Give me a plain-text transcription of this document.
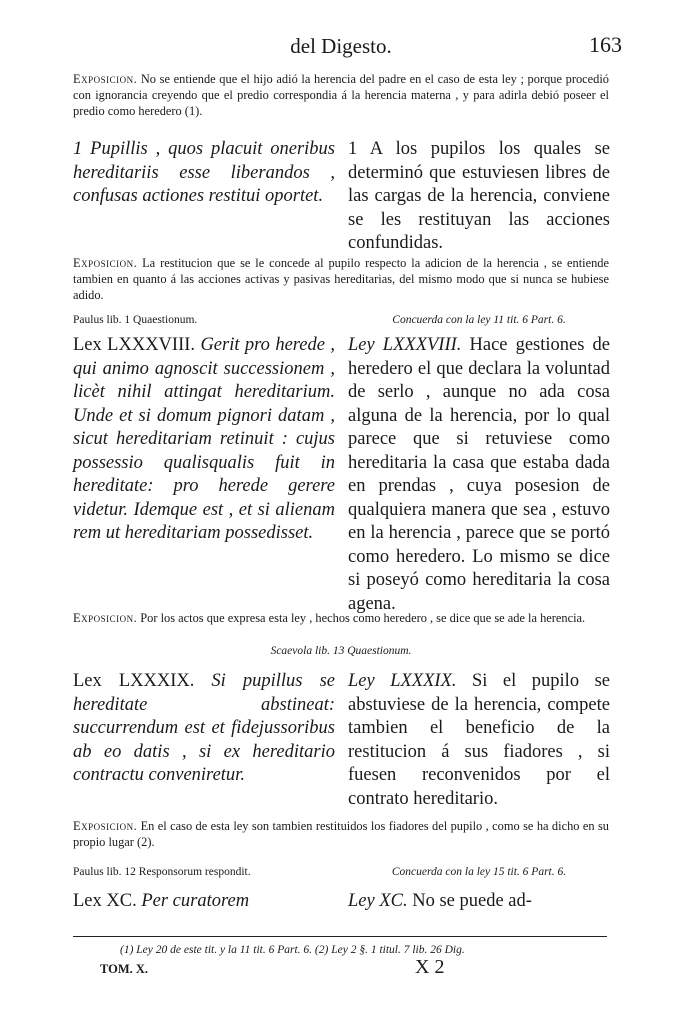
del Digesto.	163
Exposicion. No se entiende que el hijo adió la herencia del padre en el caso de esta ley ; porque procedió con ignorancia creyendo que el predio correspondia á la herencia materna , y para adirla debió poseer el predio como heredero (1).
1 Pupillis , quos placuit oneribus hereditariis esse liberandos , confusas actiones restitui oportet.
1 A los pupilos los quales se determinó que estuviesen libres de las cargas de la herencia, conviene se les restituyan las acciones confundidas.
Exposicion. La restitucion que se le concede al pupilo respecto la adicion de la herencia , se entiende tambien en quanto á las acciones activas y pasivas hereditarias, del mismo modo que si nunca se hubiese adido.
Paulus lib. 1 Quaestionum.	Concuerda con la ley 11 tit. 6 Part. 6.
Lex LXXXVIII. Gerit pro herede , qui animo agnoscit successionem , licèt nihil attingat hereditarium. Unde et si domum pignori datam , sicut hereditariam retinuit : cujus possessio qualisqualis fuit in hereditate: pro herede gerere videtur. Idemque est , et si alienam rem ut hereditariam possedisset.
Ley LXXXVIII. Hace gestiones de heredero el que declara la voluntad de serlo , aunque no ada cosa alguna de la herencia, por lo qual parece que si retuviese como hereditaria la casa que estaba dada en prendas , cuya posesion de qualquiera manera que sea , estuvo en la herencia , parece que se portó como heredero. Lo mismo se dice si poseyó como hereditaria la cosa agena.
Exposicion. Por los actos que expresa esta ley , hechos como heredero , se dice que se ade la herencia.
Scaevola lib. 13 Quaestionum.
Lex LXXXIX. Si pupillus se hereditate abstineat: succurrendum est et fidejussoribus ab eo datis , si ex hereditario contractu conveniretur.
Ley LXXXIX. Si el pupilo se abstuviese de la herencia, compete tambien el beneficio de la restitucion á sus fiadores , si fuesen reconvenidos por el contrato hereditario.
Exposicion. En el caso de esta ley son tambien restituidos los fiadores del pupilo , como se ha dicho en su propio lugar (2).
Paulus lib. 12 Responsorum respondit.	Concuerda con la ley 15 tit. 6 Part. 6.
Lex XC. Per curatorem	Ley XC. No se puede ad-
(1) Ley 20 de este tit. y la 11 tit. 6 Part. 6. (2) Ley 2 §. 1 titul. 7 lib. 26 Dig.
TOM. X.	X 2
